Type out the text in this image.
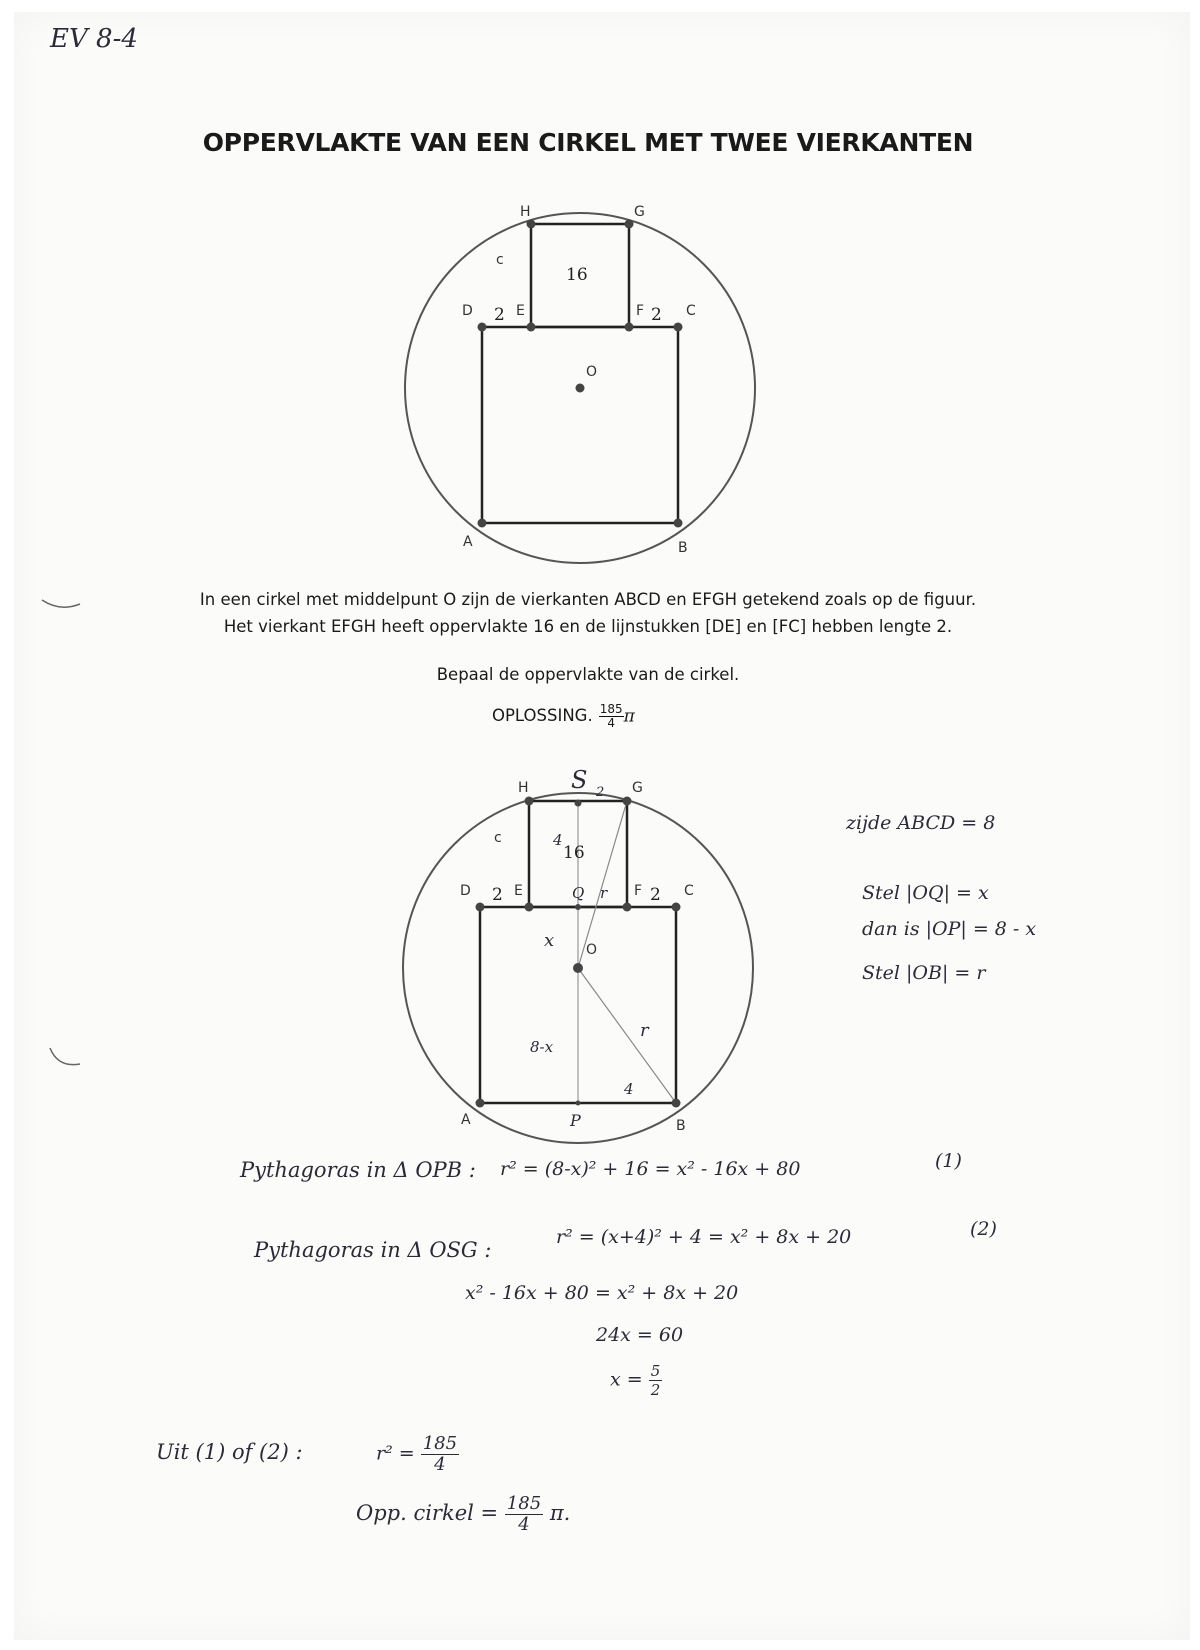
EV 8-4
OPPERVLAKTE VAN EEN CIRKEL MET TWEE VIERKANTEN
H	G
c
16
D 2 E	F 2 C
O
A	B
H S 2 G
c	4
16
D 2 E	Q r F 2 C
x O
8-x
r
4
A	P	B
In een cirkel met middelpunt O zijn de vierkanten ABCD en EFGH getekend zoals op de figuur.
Het vierkant EFGH heeft oppervlakte 16 en de lijnstukken [DE] en [FC] hebben lengte 2.
Bepaal de oppervlakte van de cirkel.
OPLOSSING. $\frac{185}{4}$ π
zijde ABCD = 8
Stel |OQ| = x
dan is |OP| = 8 - x
Stel |OB| = r
Pythagoras in Δ OPB : r² = (8-x)² + 16 = x² - 16x + 80	(1)
Pythagoras in Δ OSG :
r² = (x+4)² + 4 = x² + 8x + 20	(2)
x² - 16x + 80 = x² + 8x + 20
24x = 60
$x = \frac{5}{2}$
Uit (1) of (2) :	$r^2 = \frac{185}{4}$
Opp. cirkel = $\frac{185}{4} \pi$.
